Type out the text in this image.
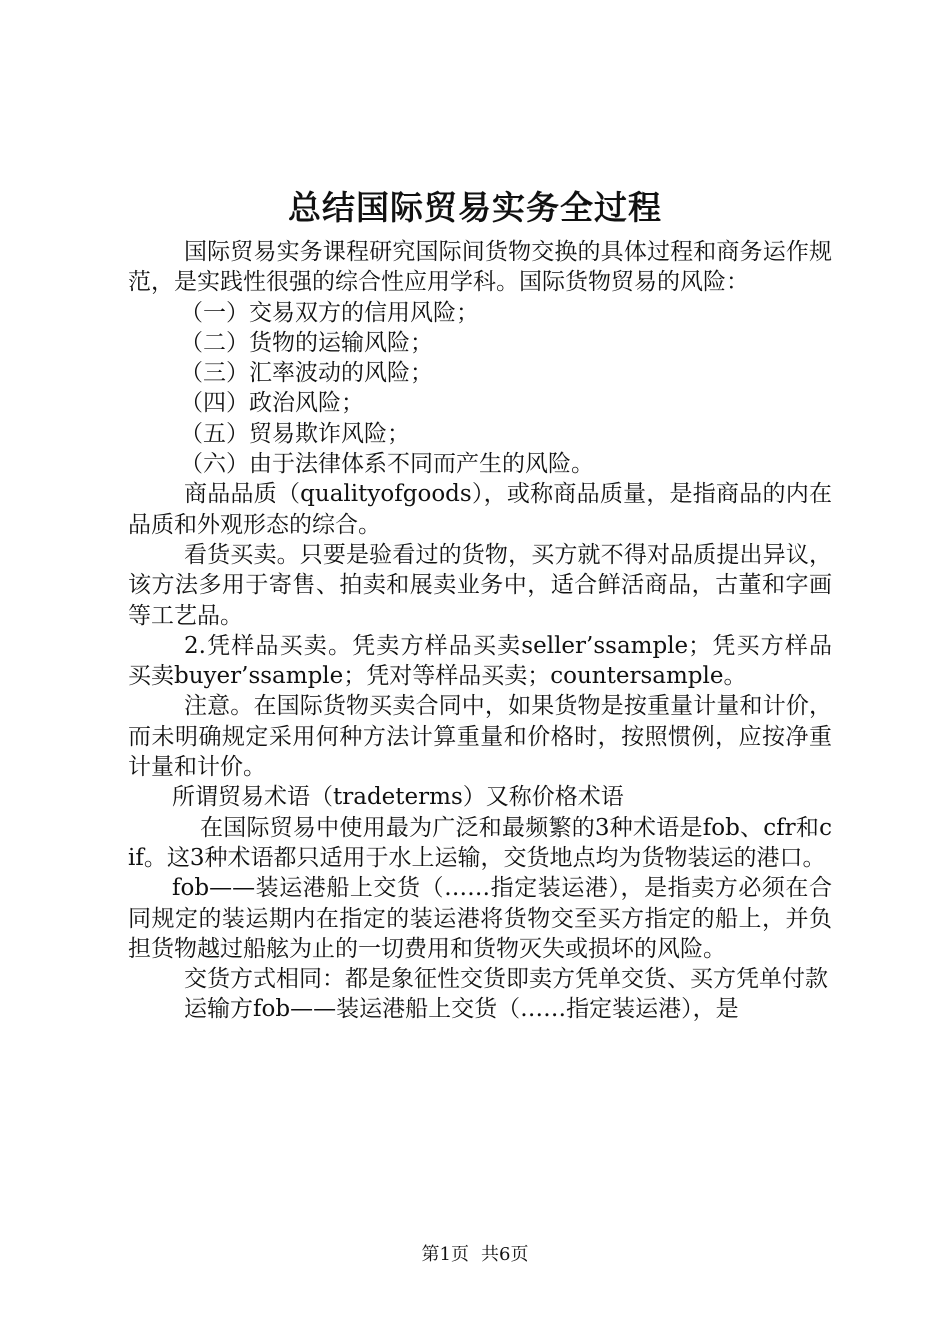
总结国际贸易实务全过程

国际贸易实务课程研究国际间货物交换的具体过程和商务运作规范，是实践性很强的综合性应用学科。国际货物贸易的风险：

（一）交易双方的信用风险；

（二）货物的运输风险；

（三）汇率波动的风险；

（四）政治风险；

（五）贸易欺诈风险；

（六）由于法律体系不同而产生的风险。

商品品质（qualityofgoods），或称商品质量，是指商品的内在品质和外观形态的综合。

看货买卖。只要是验看过的货物，买方就不得对品质提出异议，该方法多用于寄售、拍卖和展卖业务中，适合鲜活商品，古董和字画等工艺品。

2.凭样品买卖。凭卖方样品买卖seller’ssample；凭买方样品买卖buyer’ssample；凭对等样品买卖；countersample。

注意。在国际货物买卖合同中，如果货物是按重量计量和计价，而未明确规定采用何种方法计算重量和价格时，按照惯例，应按净重计量和计价。

所谓贸易术语（tradeterms）又称价格术语

在国际贸易中使用最为广泛和最频繁的3种术语是fob、cfr和cif。这3种术语都只适用于水上运输，交货地点均为货物装运的港口。

fob——装运港船上交货（……指定装运港），是指卖方必须在合同规定的装运期内在指定的装运港将货物交至买方指定的船上，并负担货物越过船舷为止的一切费用和货物灭失或损坏的风险。

交货方式相同：都是象征性交货即卖方凭单交货、买方凭单付款

运输方fob——装运港船上交货（……指定装运港），是

第1页 共6页
